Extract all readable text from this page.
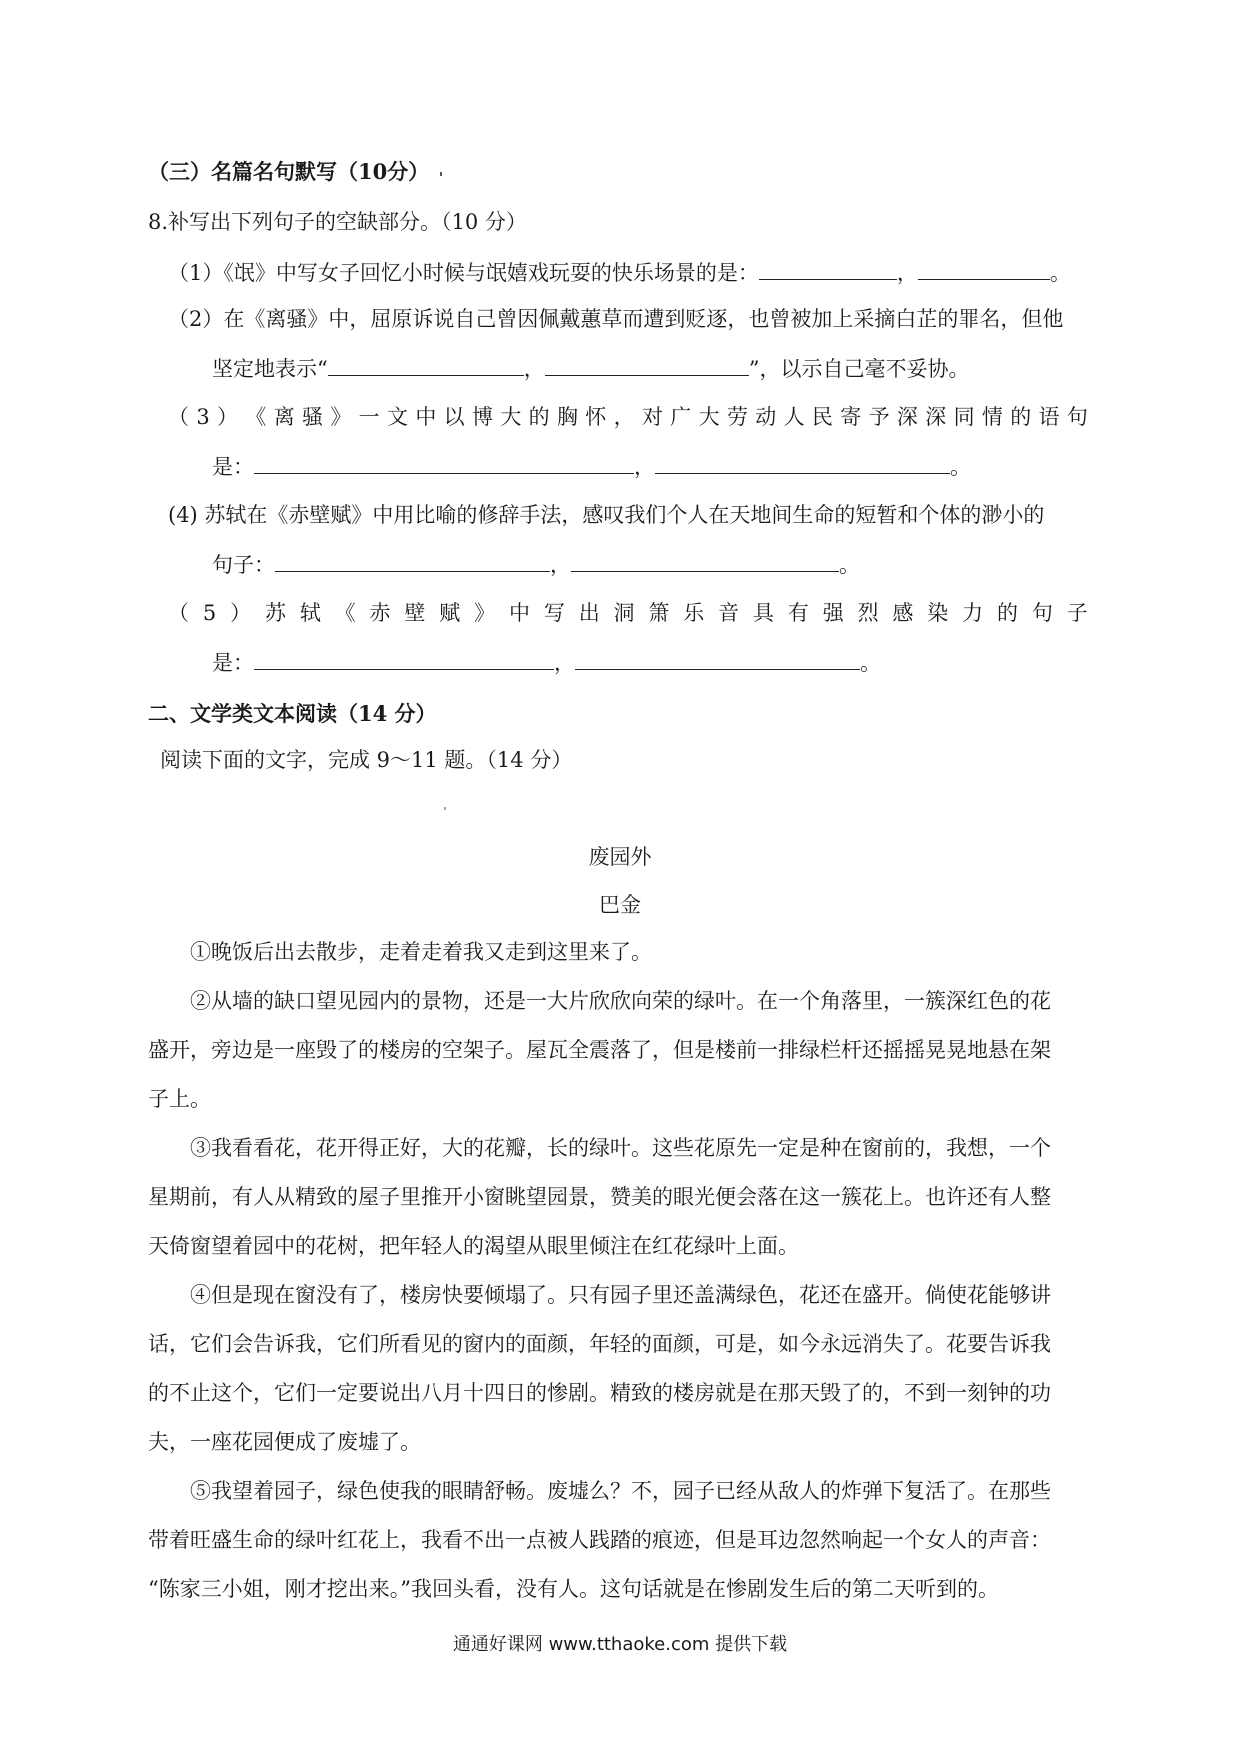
（三）名篇名句默写（10分）
8.补写出下列句子的空缺部分。（10 分）
（1）《氓》中写女子回忆小时候与氓嬉戏玩耍的快乐场景的是：	，	。
（2）在《离骚》中，屈原诉说自己曾因佩戴蕙草而遭到贬逐，也曾被加上采摘白芷的罪名，但他
坚定地表示“	，	”，以示自己毫不妥协。
（ 3 ） 《 离 骚 》 一 文 中 以 博 大 的 胸 怀 ， 对 广 大 劳 动 人 民 寄 予 深 深 同 情 的 语 句
是：	，	。
(4) 苏轼在《赤壁赋》中用比喻的修辞手法，感叹我们个人在天地间生命的短暂和个体的渺小的
句子：	，	。
（ 5 ） 苏 轼 《 赤 壁 赋 》 中 写 出 洞 箫 乐 音 具 有 强 烈 感 染 力 的 句 子
是：	，	。
二、文学类文本阅读（14 分）
阅读下面的文字，完成 9～11 题。（14 分）
废园外
巴金
①晚饭后出去散步，走着走着我又走到这里来了。
②从墙的缺口望见园内的景物，还是一大片欣欣向荣的绿叶。在一个角落里，一簇深红色的花
盛开，旁边是一座毁了的楼房的空架子。屋瓦全震落了，但是楼前一排绿栏杆还摇摇晃晃地悬在架
子上。
③我看看花，花开得正好，大的花瓣，长的绿叶。这些花原先一定是种在窗前的，我想，一个
星期前，有人从精致的屋子里推开小窗眺望园景，赞美的眼光便会落在这一簇花上。也许还有人整
天倚窗望着园中的花树，把年轻人的渴望从眼里倾注在红花绿叶上面。
④但是现在窗没有了，楼房快要倾塌了。只有园子里还盖满绿色，花还在盛开。倘使花能够讲
话，它们会告诉我，它们所看见的窗内的面颜，年轻的面颜，可是，如今永远消失了。花要告诉我
的不止这个，它们一定要说出八月十四日的惨剧。精致的楼房就是在那天毁了的，不到一刻钟的功
夫，一座花园便成了废墟了。
⑤我望着园子，绿色使我的眼睛舒畅。废墟么？不，园子已经从敌人的炸弹下复活了。在那些
带着旺盛生命的绿叶红花上，我看不出一点被人践踏的痕迹，但是耳边忽然响起一个女人的声音：
“陈家三小姐，刚才挖出来。”我回头看，没有人。这句话就是在惨剧发生后的第二天听到的。
通通好课网 www.tthaoke.com 提供下载
